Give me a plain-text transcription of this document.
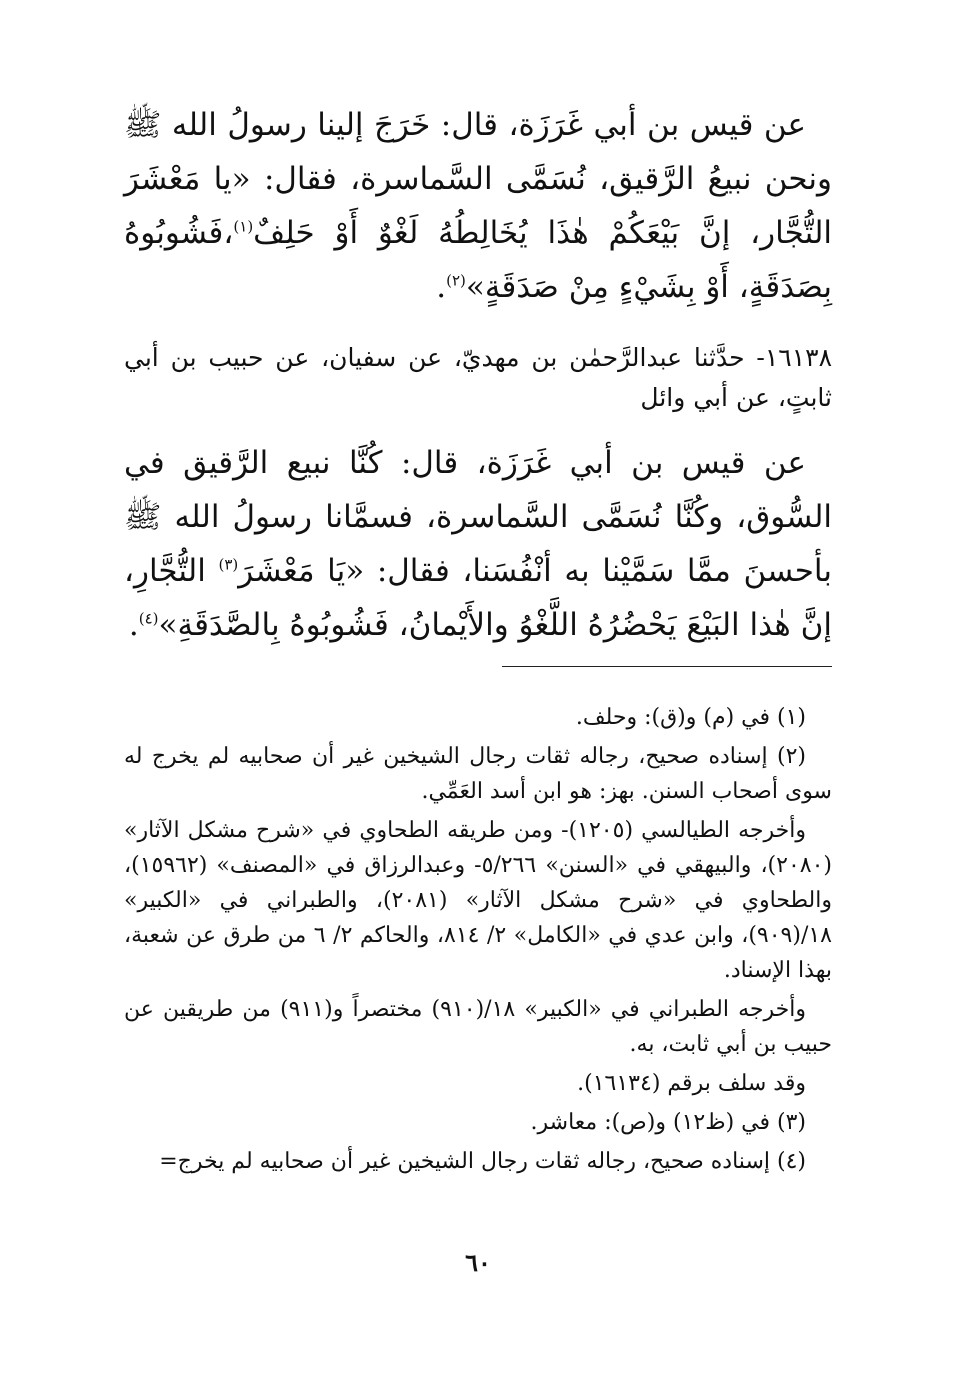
عن قيس بن أبي غَرَزَة، قال: خَرَجَ إلينا رسولُ الله ﷺ ونحن نبيعُ الرَّقيق، نُسَمَّى السَّماسرة، فقال: «يا مَعْشَرَ التُّجَّار، إنَّ بَيْعَكُمْ هٰذَا يُخَالِطُهُ لَغْوٌ أَوْ حَلِفٌ$^{(١)}$،فَشُوبُوهُ بِصَدَقَةٍ، أَوْ بِشَيْءٍ مِنْ صَدَقَةٍ»$^{(٢)}$.

١٦١٣٨- حدَّثنا عبدالرَّحمٰن بن مهديّ، عن سفيان، عن حبيب بن أبي ثابتٍ، عن أبي وائل

عن قيس بن أبي غَرَزَة، قال: كُنَّا نبيع الرَّقيق في السُّوق، وكُنَّا نُسَمَّى السَّماسرة، فسمَّانا رسولُ الله ﷺ بأحسنَ ممَّا سَمَّيْنا به أنْفُسَنا، فقال: «يَا مَعْشَرَ$^{(٣)}$ التُّجَّارِ، إنَّ هٰذا البَيْعَ يَحْضُرُهُ اللَّغْوُ والأَيْمانُ، فَشُوبُوهُ بِالصَّدَقَةِ»$^{(٤)}$.

(١) في (م) و(ق): وحلف.

(٢) إسناده صحيح، رجاله ثقات رجال الشيخين غير أن صحابيه لم يخرج له سوى أصحاب السنن. بهز: هو ابن أسد العَمِّي.

وأخرجه الطيالسي (١٢٠٥)- ومن طريقه الطحاوي في «شرح مشكل الآثار» (٢٠٨٠)، والبيهقي في «السنن» ٥/٢٦٦- وعبدالرزاق في «المصنف» (١٥٩٦٢)، والطحاوي في «شرح مشكل الآثار» (٢٠٨١)، والطبراني في «الكبير» ١٨/(٩٠٩)، وابن عدي في «الكامل» ٢/ ٨١٤، والحاكم ٢/ ٦ من طرق عن شعبة، بهذا الإسناد.

وأخرجه الطبراني في «الكبير» ١٨/(٩١٠) مختصراً و(٩١١) من طريقين عن حبيب بن أبي ثابت، به.

وقد سلف برقم (١٦١٣٤).

(٣) في (ظ١٢) و(ص): معاشر.

(٤) إسناده صحيح، رجاله ثقات رجال الشيخين غير أن صحابيه لم يخرج=

٦٠
